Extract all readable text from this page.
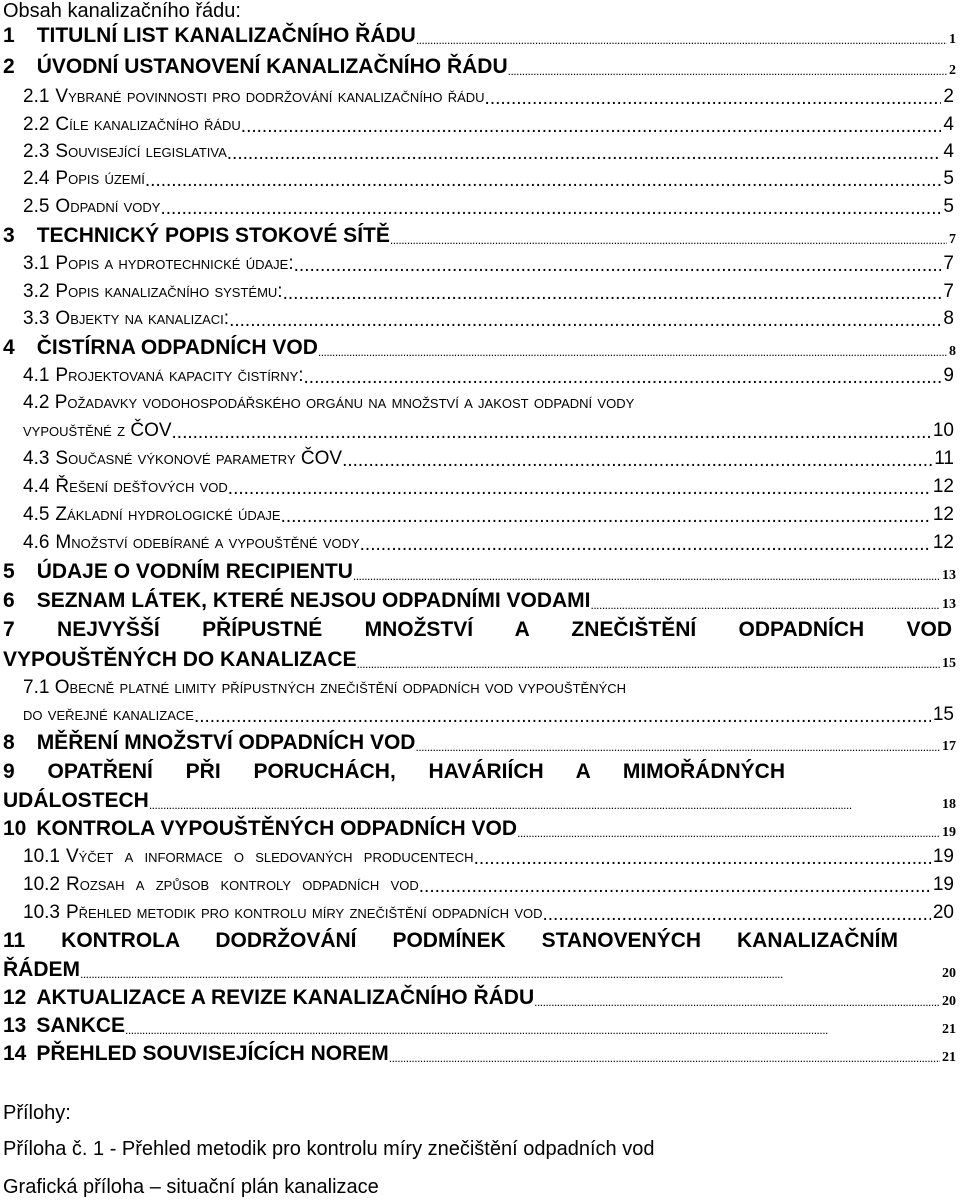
Obsah kanalizačního řádu:
1 TITULNÍ LIST KANALIZAČNÍHO ŘÁDU .....	1
2 ÚVODNÍ USTANOVENÍ KANALIZAČNÍHO ŘÁDU .....	2
2.1 Vybrané povinnosti pro dodržování kanalizačního řádu .....	2
2.2 Cíle kanalizačního řádu .....	4
2.3 Související legislativa .....	4
2.4 Popis území .....	5
2.5 Odpadní vody .....	5
3 TECHNICKÝ POPIS STOKOVÉ SÍTĚ .....	7
3.1 Popis a hydrotechnické údaje: .....	7
3.2 Popis kanalizačního systému: .....	7
3.3 Objekty na kanalizaci: .....	8
4 ČISTÍRNA ODPADNÍCH VOD .....	8
4.1 Projektovaná kapacity čistírny: .....	9
4.2 Požadavky vodohospodářského orgánu na množství a jakost odpadní vody
vypouštěné z ČOV .....	10
4.3 Současné výkonové parametry ČOV .....	11
4.4 Řešení dešťových vod .....	12
4.5 Základní hydrologické údaje .....	12
4.6 Množství odebírané a vypouštěné vody .....	12
5 ÚDAJE O VODNÍM RECIPIENTU .....	13
6 SEZNAM LÁTEK, KTERÉ NEJSOU ODPADNÍMI VODAMI .....	13
7 NEJVYŠŠÍ PŘÍPUSTNÉ MNOŽSTVÍ A ZNEČIŠTĚNÍ ODPADNÍCH VOD
VYPOUŠTĚNÝCH DO KANALIZACE .....	15
7.1 Obecně platné limity přípustných znečištění odpadních vod vypouštěných
do veřejné kanalizace .....	15
8 MĚŘENÍ MNOŽSTVÍ ODPADNÍCH VOD .....	17
9 OPATŘENÍ PŘI PORUCHÁCH, HAVÁRIÍCH A MIMOŘÁDNÝCH
UDÁLOSTECH .....	18
10 KONTROLA VYPOUŠTĚNÝCH ODPADNÍCH VOD .....	19
10.1 Výčet a informace o sledovaných producentech .....	19
10.2 Rozsah a způsob kontroly odpadních vod .....	19
10.3 Přehled metodik pro kontrolu míry znečištění odpadních vod .....	20
11 KONTROLA DODRŽOVÁNÍ PODMÍNEK STANOVENÝCH KANALIZAČNÍM
ŘÁDEM .....	20
12 AKTUALIZACE A REVIZE KANALIZAČNÍHO ŘÁDU .....	20
13 SANKCE .....	21
14 PŘEHLED SOUVISEJÍCÍCH NOREM .....	21
Přílohy:
Příloha č. 1 - Přehled metodik pro kontrolu míry znečištění odpadních vod
Grafická příloha – situační plán kanalizace
